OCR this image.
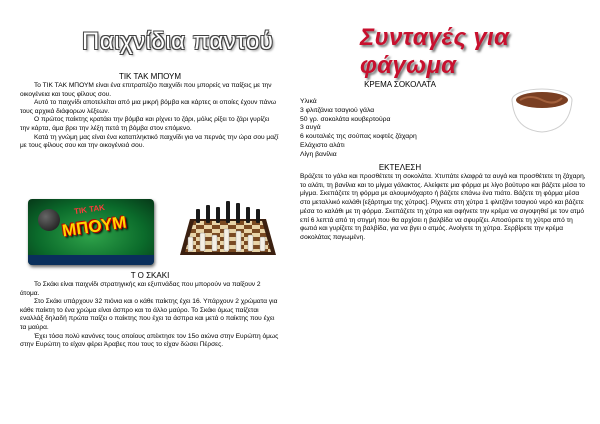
Παιχνίδια παντού
ΤΙΚ ΤΑΚ ΜΠΟΥΜ

Το ΤΙΚ ΤΑΚ ΜΠΟΥΜ είναι ένα επιτραπέζιο παιχνίδι που μπορείς να παίξεις με την οικογένεια και τους φίλους σου.

Αυτό το παιχνίδι αποτελείται από μια μικρή βόμβα και κάρτες οι οποίες έχουν πάνω τους αρχικά διάφορων λέξεων.

Ο πρώτος παίκτης κρατάει την βόμβα και ρίχνει το ζάρι, μόλις ρίξει το ζάρι γυρίζει την κάρτα, άμα βρει την λέξη πετά τη βόμβα στον επόμενο.

Κατά τη γνώμη μας είναι ένα καταπληκτικό παιχνίδι για να περνάς την ώρα σου μαζί με τους φίλους σου και την οικογένειά σου.

ΤΙΚ ΤΑΚ
ΜΠΟΥΜ
Τ Ο ΣΚΑΚΙ

Το Σκάκι είναι παιχνίδι στρατηγικής και εξυπνάδας που μπορούν να παίξουν 2 άτομα.

Στο Σκάκι υπάρχουν 32 πιόνια και ο κάθε παίκτης έχει 16. Υπάρχουν 2 χρώματα για κάθε παίκτη το ένα χρώμα είναι άσπρο και το άλλο μαύρο. Το Σκάκι όμως παίζεται εναλλάξ δηλαδή πρώτα παίζει ο παίκτης που έχει τα άσπρα και μετά ο παίκτης που έχει τα μαύρα.

Έχει τόσα πολύ κανόνες τους οποίους απέκτησε τον 15ο αιώνα στην Ευρώπη όμως στην Ευρώπη το είχαν φέρει Άραβες που τους το είχαν δώσει Πέρσες.

Συνταγές για φάγωμα
ΚΡΕΜΑ ΣΟΚΟΛΑΤΑ

Υλικά

3 φλιτζάνια τσαγιού γάλα

50 γρ. σοκολάτα κουβερτούρα

3 αυγά

6 κουταλιές της σούπας κοφτές ζάχαρη

Ελάχιστο αλάτι

Λίγη βανίλια

ΕΚΤΕΛΕΣΗ

Βράζετε το γάλα και προσθέτετε τη σοκολάτα. Χτυπάτε ελαφρά τα αυγά και προσθέτετε τη ζάχαρη, το αλάτι, τη βανίλια και το μίγμα γάλακτος. Αλείφετε μια φόρμα με λίγο βούτυρο και βάζετε μέσα το μίγμα. Σκεπάζετε τη φόρμα με αλουμινόχαρτο ή βάζετε επάνω ένα πιάτο. Βάζετε τη φόρμα μέσα στο μεταλλικό καλάθι [εξάρτημα της χύτρας]. Ρίχνετε στη χύτρα 1 φλιτζάνι τσαγιού νερό και βάζετε μέσα το καλάθι με τη φόρμα. Σκεπάζετε τη χύτρα και αφήνετε την κρέμα να σιγοψηθεί με τον ατμό επί 6 λεπτά από τη στιγμή που θα αρχίσει η βαλβίδα να σφυρίζει. Αποσύρετε τη χύτρα από τη φωτιά και γυρίζετε τη βαλβίδα, για να βγει ο ατμός. Ανοίγετε τη χύτρα. Σερβίρετε την κρέμα σοκολάτας παγωμένη.
